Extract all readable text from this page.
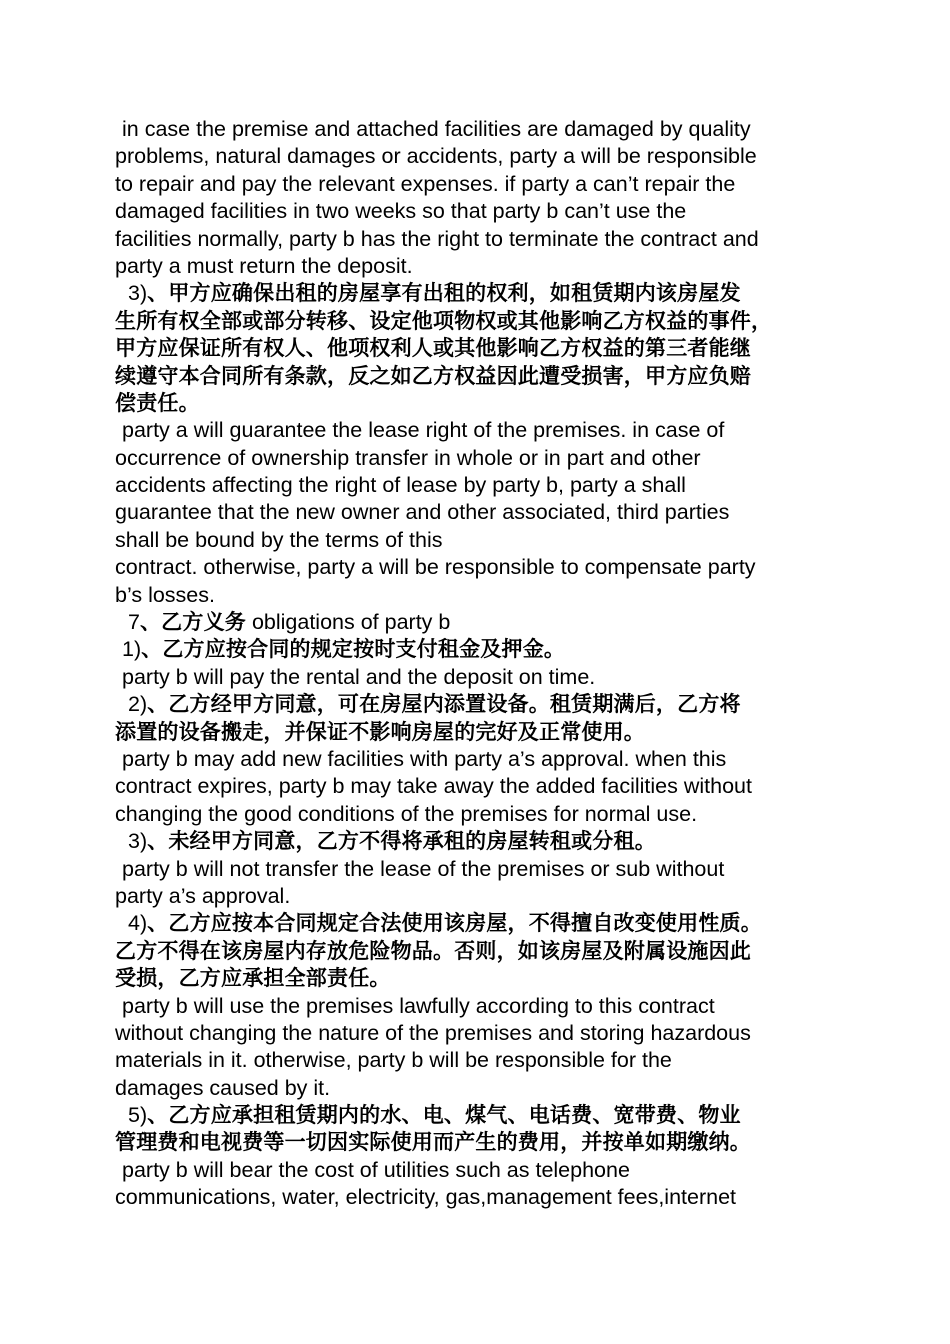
in case the premise and attached facilities are damaged by quality
problems, natural damages or accidents, party a will be responsible
to repair and pay the relevant expenses. if party a can’t repair the
damaged facilities in two weeks so that party b can’t use the
facilities normally, party b has the right to terminate the contract and
party a must return the deposit.
3)、甲方应确保出租的房屋享有出租的权利，如租赁期内该房屋发
生所有权全部或部分转移、设定他项物权或其他影响乙方权益的事件，
甲方应保证所有权人、他项权利人或其他影响乙方权益的第三者能继
续遵守本合同所有条款，反之如乙方权益因此遭受损害，甲方应负赔
偿责任。
party a will guarantee the lease right of the premises. in case of
occurrence of ownership transfer in whole or in part and other
accidents affecting the right of lease by party b, party a shall
guarantee that the new owner and other associated, third parties
shall be bound by the terms of this
contract. otherwise, party a will be responsible to compensate party
b’s losses.
7、乙方义务 obligations of party b
1)、乙方应按合同的规定按时支付租金及押金。
party b will pay the rental and the deposit on time.
2)、乙方经甲方同意，可在房屋内添置设备。租赁期满后，乙方将
添置的设备搬走，并保证不影响房屋的完好及正常使用。
party b may add new facilities with party a’s approval. when this
contract expires, party b may take away the added facilities without
changing the good conditions of the premises for normal use.
3)、未经甲方同意，乙方不得将承租的房屋转租或分租。
party b will not transfer the lease of the premises or sub without
party a’s approval.
4)、乙方应按本合同规定合法使用该房屋，不得擅自改变使用性质。
乙方不得在该房屋内存放危险物品。否则，如该房屋及附属设施因此
受损，乙方应承担全部责任。
party b will use the premises lawfully according to this contract
without changing the nature of the premises and storing hazardous
materials in it. otherwise, party b will be responsible for the
damages caused by it.
5)、乙方应承担租赁期内的水、电、煤气、电话费、宽带费、物业
管理费和电视费等一切因实际使用而产生的费用，并按单如期缴纳。
party b will bear the cost of utilities such as telephone
communications, water, electricity, gas,management fees,internet
